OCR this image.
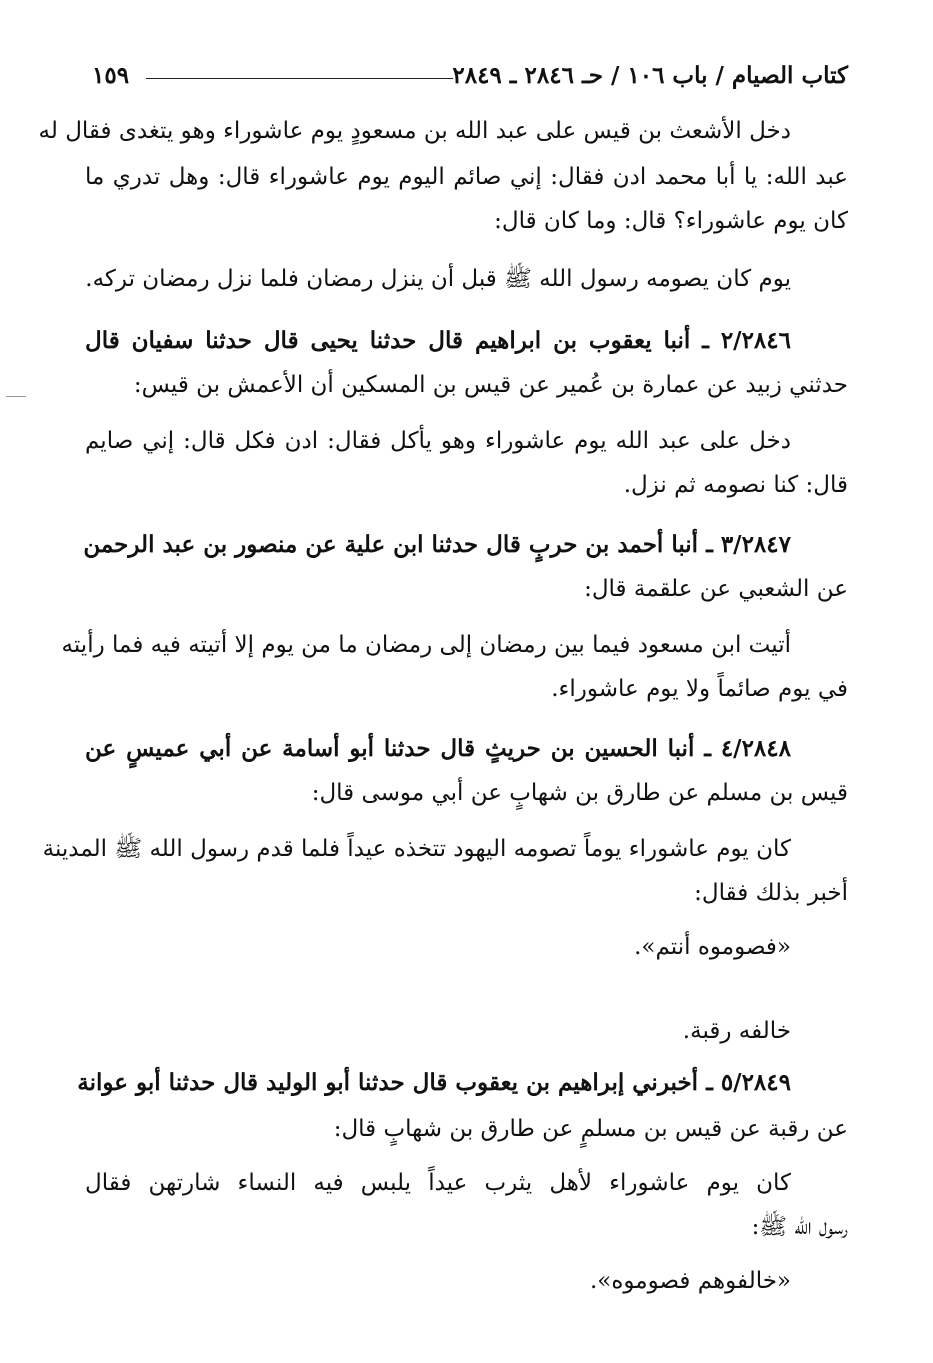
كتاب الصيام / باب ١٠٦ / حـ ٢٨٤٦ ـ ٢٨٤٩
١٥٩
دخل الأشعث بن قيس على عبد الله بن مسعودٍ يوم عاشوراء وهو يتغدى فقال له
عبد الله: يا أبا محمد ادن فقال: إني صائم اليوم يوم عاشوراء قال: وهل تدري ما
كان يوم عاشوراء؟ قال: وما كان قال:
يوم كان يصومه رسول الله ﷺ قبل أن ينزل رمضان فلما نزل رمضان تركه.
٢/٢٨٤٦ ـ أنبا يعقوب بن ابراهيم قال حدثنا يحيى قال حدثنا سفيان قال
حدثني زبيد عن عمارة بن عُمير عن قيس بن المسكين أن الأعمش بن قيس:
دخل على عبد الله يوم عاشوراء وهو يأكل فقال: ادن فكل قال: إني صايم
قال: كنا نصومه ثم نزل.
٣/٢٨٤٧ ـ أنبا أحمد بن حربٍ قال حدثنا ابن علية عن منصور بن عبد الرحمن
عن الشعبي عن علقمة قال:
أتيت ابن مسعود فيما بين رمضان إلى رمضان ما من يوم إلا أتيته فيه فما رأيته
في يوم صائماً ولا يوم عاشوراء.
٤/٢٨٤٨ ـ أنبا الحسين بن حريثٍ قال حدثنا أبو أسامة عن أبي عميسٍ عن
قيس بن مسلم عن طارق بن شهابٍ عن أبي موسى قال:
كان يوم عاشوراء يوماً تصومه اليهود تتخذه عيداً فلما قدم رسول الله ﷺ المدينة
أخبر بذلك فقال:
«فصوموه أنتم».
خالفه رقبة.
٥/٢٨٤٩ ـ أخبرني إبراهيم بن يعقوب قال حدثنا أبو الوليد قال حدثنا أبو عوانة
عن رقبة عن قيس بن مسلمٍ عن طارق بن شهابٍ قال:
كان يوم عاشوراء لأهل يثرب عيداً يلبس فيه النساء شارتهن فقال
رسول الله ﷺ:
«خالفوهم فصوموه».
